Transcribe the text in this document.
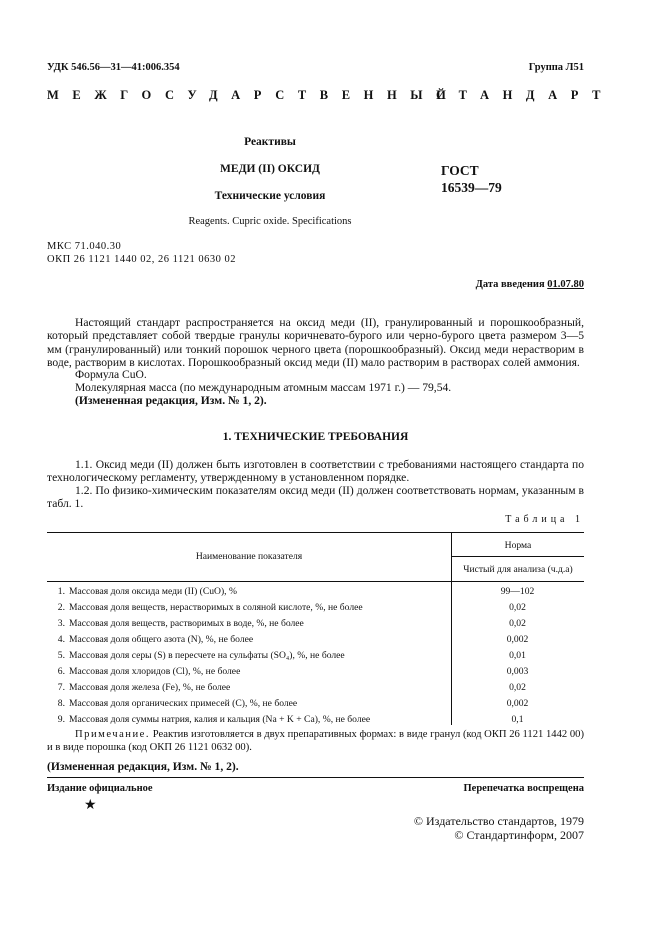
УДК 546.56—31—41:006.354	Группа Л51
МЕЖГОСУДАРСТВЕННЫЙ
СТАНДАРТ
Реактивы
МЕДИ (II) ОКСИД
Технические условия
Reagents. Cupric oxide. Specifications
ГОСТ
16539—79
МКС 71.040.30
ОКП 26 1121 1440 02, 26 1121 0630 02
Дата введения 01.07.80
Настоящий стандарт распространяется на оксид меди (II), гранулированный и порошкообразный, который представляет собой твердые гранулы коричневато-бурого или черно-бурого цвета размером 3—5 мм (гранулированный) или тонкий порошок черного цвета (порошкообразный). Оксид меди нерастворим в воде, растворим в кислотах. Порошкообразный оксид меди (II) мало растворим в растворах солей аммония.
Формула CuO.
Молекулярная масса (по международным атомным массам 1971 г.) — 79,54.
(Измененная редакция, Изм. № 1, 2).
1. ТЕХНИЧЕСКИЕ ТРЕБОВАНИЯ
1.1. Оксид меди (II) должен быть изготовлен в соответствии с требованиями настоящего стандарта по технологическому регламенту, утвержденному в установленном порядке.
1.2. По физико-химическим показателям оксид меди (II) должен соответствовать нормам, указанным в табл. 1.
Таблица 1
Наименование показателя
Норма
Чистый для анализа (ч.д.а)
1. Массовая доля оксида меди (II) (CuO), %	99—102
2. Массовая доля веществ, нерастворимых в соляной кислоте, %, не более	0,02
3. Массовая доля веществ, растворимых в воде, %, не более	0,02
4. Массовая доля общего азота (N), %, не более	0,002
5. Массовая доля серы (S) в пересчете на сульфаты (SO₄), %, не более	0,01
6. Массовая доля хлоридов (Cl), %, не более	0,003
7. Массовая доля железа (Fe), %, не более	0,02
8. Массовая доля органических примесей (С), %, не более	0,002
9. Массовая доля суммы натрия, калия и кальция (Na + K + Ca), %, не более	0,1
Примечание. Реактив изготовляется в двух препаративных формах: в виде гранул (код ОКП 26 1121 1442 00) и в виде порошка (код ОКП 26 1121 0632 00).
(Измененная редакция, Изм. № 1, 2).
Издание официальное	Перепечатка воспрещена
★
© Издательство стандартов, 1979
© Стандартинформ, 2007
